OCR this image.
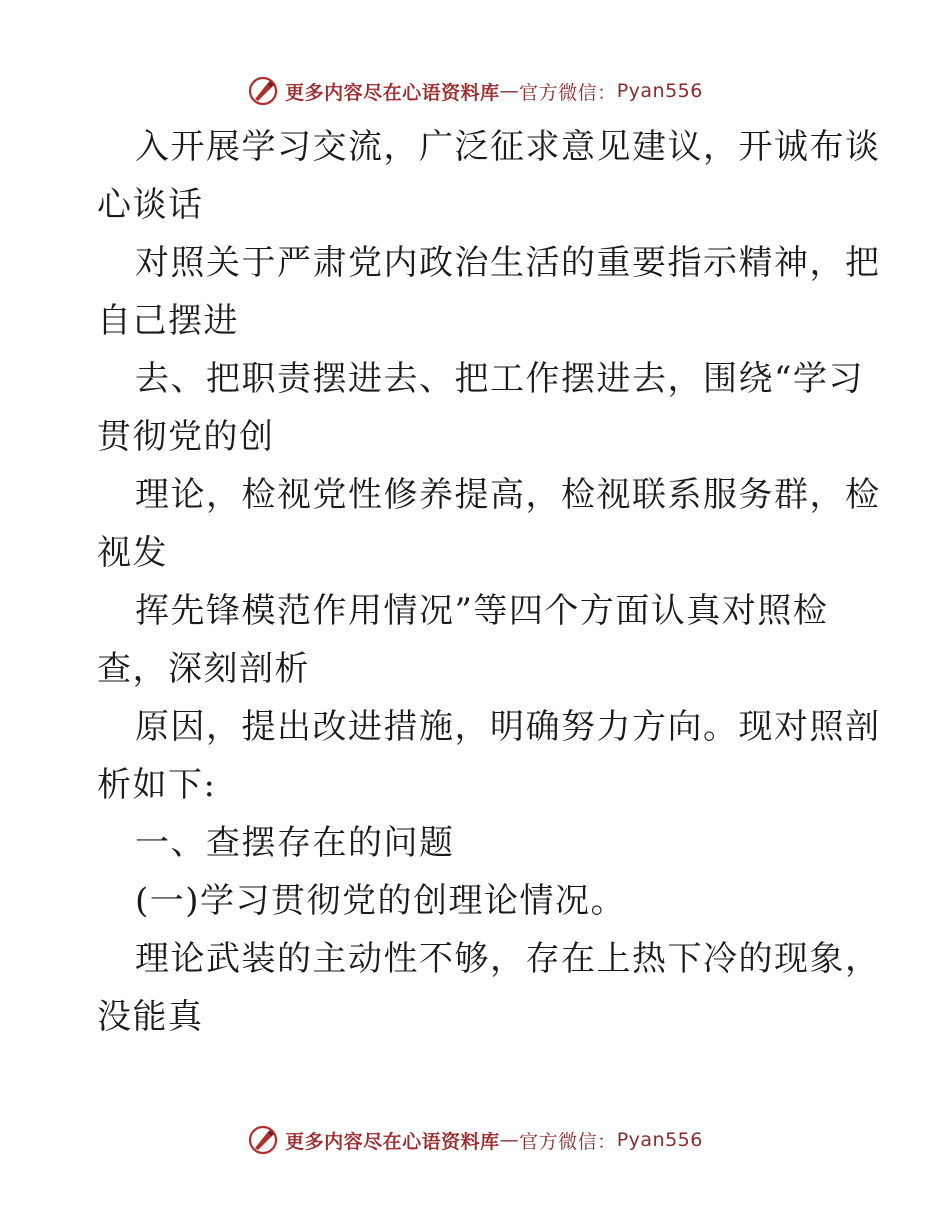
更多内容尽在心语资料库 — 官方微信： Pyan556
入开展学习交流，广泛征求意见建议，开诚布谈
心谈话
对照关于严肃党内政治生活的重要指示精神，把
自己摆进
去、把职责摆进去、把工作摆进去，围绕“学习
贯彻党的创
理论，检视党性修养提高，检视联系服务群，检
视发
挥先锋模范作用情况”等四个方面认真对照检
查，深刻剖析
原因，提出改进措施，明确努力方向。现对照剖
析如下:
一、查摆存在的问题
(一)学习贯彻党的创理论情况。
理论武装的主动性不够，存在上热下冷的现象，
没能真
更多内容尽在心语资料库 — 官方微信： Pyan556
